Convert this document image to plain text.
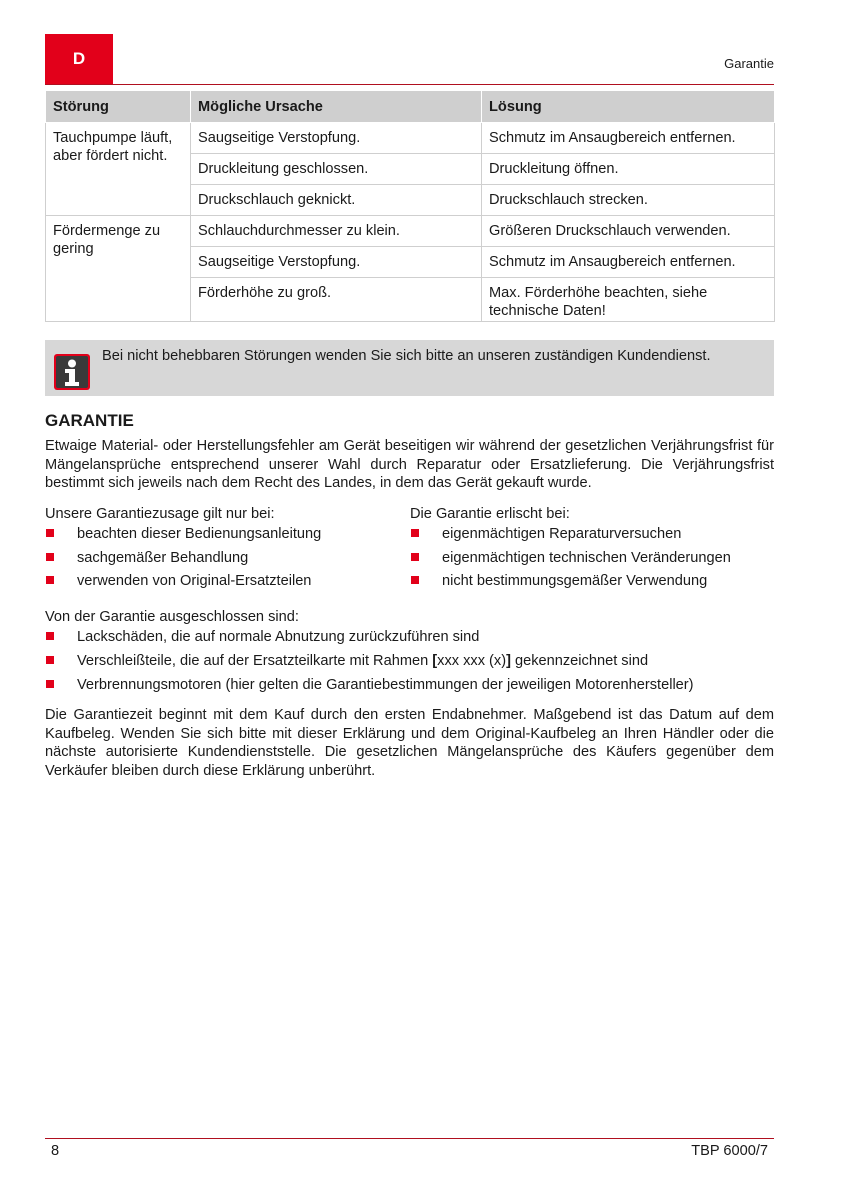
D	Garantie
Störung	Mögliche Ursache	Lösung
Tauchpumpe läuft, aber fördert nicht.	Saugseitige Verstopfung.	Schmutz im Ansaugbereich entfernen.
	Druckleitung geschlossen.	Druckleitung öffnen.
	Druckschlauch geknickt.	Druckschlauch strecken.
Fördermenge zu gering	Schlauchdurchmesser zu klein.	Größeren Druckschlauch verwenden.
	Saugseitige Verstopfung.	Schmutz im Ansaugbereich entfernen.
	Förderhöhe zu groß.	Max. Förderhöhe beachten, siehe technische Daten!
Bei nicht behebbaren Störungen wenden Sie sich bitte an unseren zuständigen Kundendienst.
GARANTIE

Etwaige Material- oder Herstellungsfehler am Gerät beseitigen wir während der gesetzlichen Verjährungsfrist für Mängelansprüche entsprechend unserer Wahl durch Reparatur oder Ersatzlieferung. Die Verjährungsfrist bestimmt sich jeweils nach dem Recht des Landes, in dem das Gerät gekauft wurde.

Unsere Garantiezusage gilt nur bei:
beachten dieser Bedienungsanleitung
sachgemäßer Behandlung
verwenden von Original-Ersatzteilen
Die Garantie erlischt bei:
eigenmächtigen Reparaturversuchen
eigenmächtigen technischen Veränderungen
nicht bestimmungsgemäßer Verwendung
Von der Garantie ausgeschlossen sind:
Lackschäden, die auf normale Abnutzung zurückzuführen sind
Verschleißteile, die auf der Ersatzteilkarte mit Rahmen [xxx xxx (x)] gekennzeichnet sind
Verbrennungsmotoren (hier gelten die Garantiebestimmungen der jeweiligen Motorenhersteller)

Die Garantiezeit beginnt mit dem Kauf durch den ersten Endabnehmer. Maßgebend ist das Datum auf dem Kaufbeleg. Wenden Sie sich bitte mit dieser Erklärung und dem Original-Kaufbeleg an Ihren Händler oder die nächste autorisierte Kundendienststelle. Die gesetzlichen Mängelansprüche des Käufers gegenüber dem Verkäufer bleiben durch diese Erklärung unberührt.

8	TBP 6000/7
